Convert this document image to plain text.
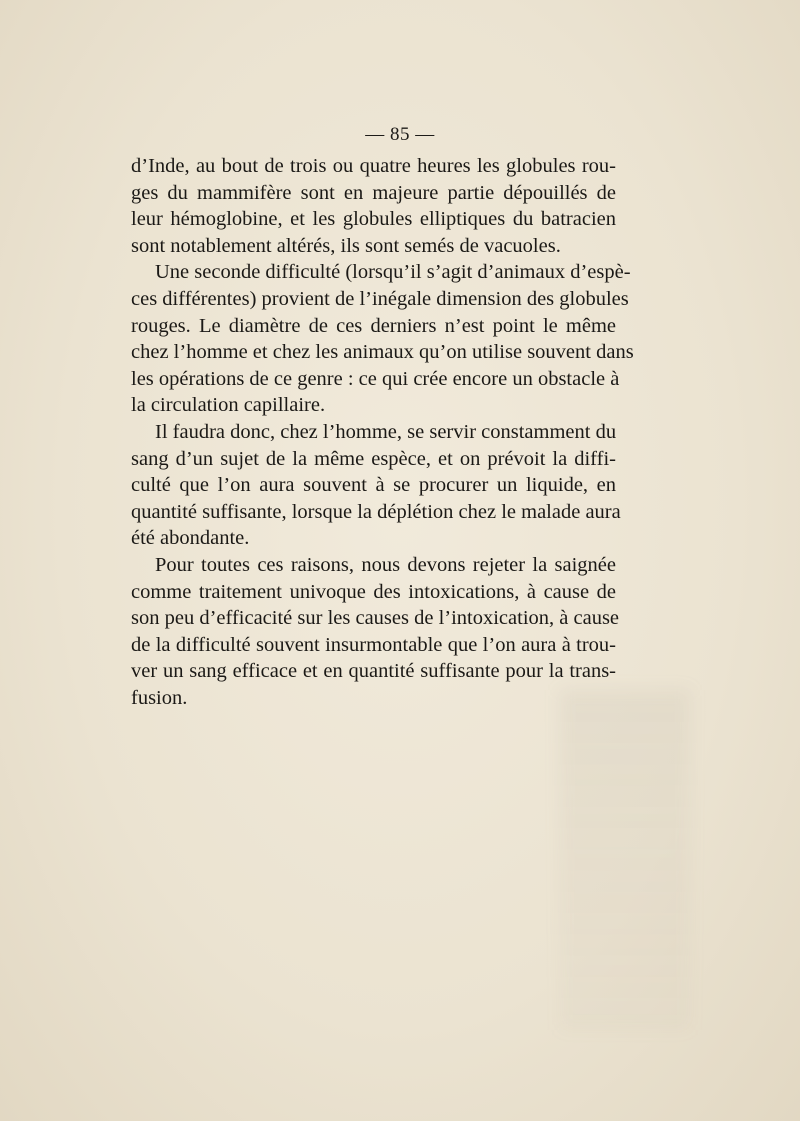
— 85 —
d’Inde, au bout de trois ou quatre heures les globules rou-
ges du mammifère sont en majeure partie dépouillés de
leur hémoglobine, et les globules elliptiques du batracien
sont notablement altérés, ils sont semés de vacuoles.
Une seconde difficulté (lorsqu’il s’agit d’animaux d’espè-
ces différentes) provient de l’inégale dimension des globules
rouges. Le diamètre de ces derniers n’est point le même
chez l’homme et chez les animaux qu’on utilise souvent dans
les opérations de ce genre : ce qui crée encore un obstacle à
la circulation capillaire.
Il faudra donc, chez l’homme, se servir constamment du
sang d’un sujet de la même espèce, et on prévoit la diffi-
culté que l’on aura souvent à se procurer un liquide, en
quantité suffisante, lorsque la déplétion chez le malade aura
été abondante.
Pour toutes ces raisons, nous devons rejeter la saignée
comme traitement univoque des intoxications, à cause de
son peu d’efficacité sur les causes de l’intoxication, à cause
de la difficulté souvent insurmontable que l’on aura à trou-
ver un sang efficace et en quantité suffisante pour la trans-
fusion.
